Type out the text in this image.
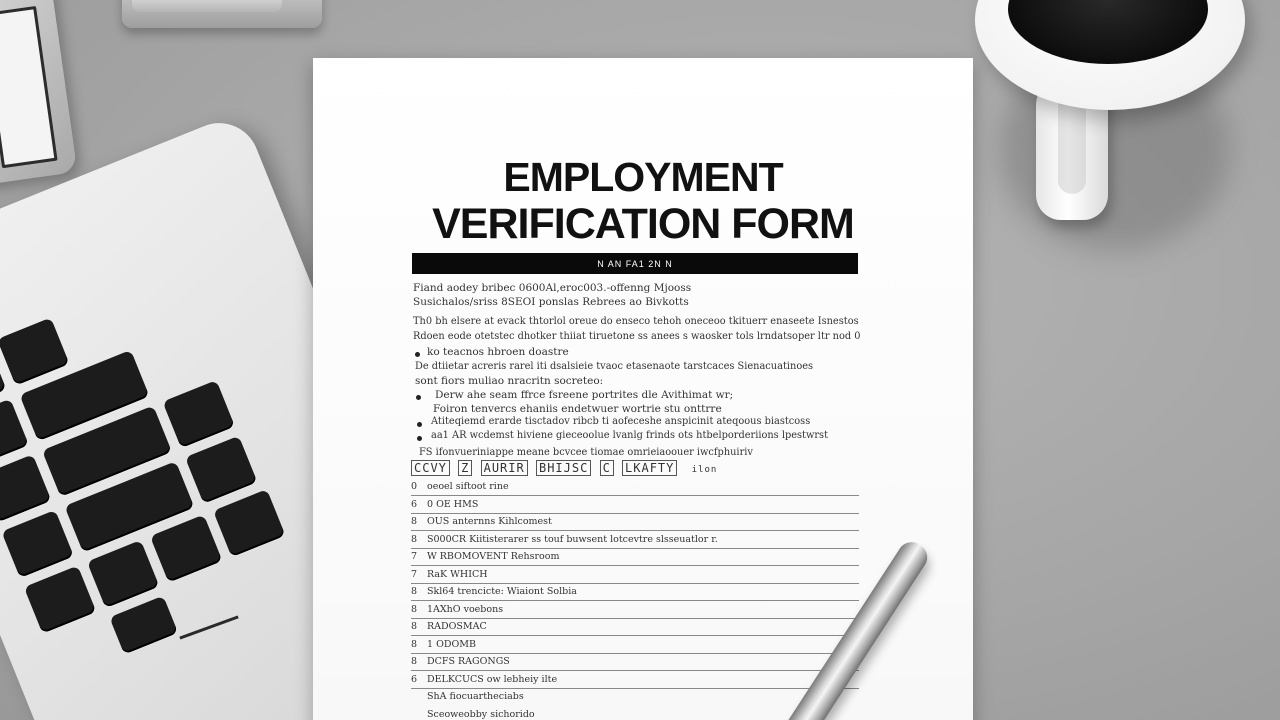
EMPLOYMENT
VERIFICATION FORM
N AN FA1 2N N

Fiand aodey bribec 0600Al,eroc003.-offenng Mjooss

Susichalos/sriss 8SEOI ponslas Rebrees ao Bivkotts

Th0 bh elsere at evack thtorlol oreue do enseco tehoh oneceoo tkituerr enaseete Isnestos

Rdoen eode otetstec dhotker thiiat tiruetone ss anees s waosker tols lrndatsoper ltr nod 0

ko teacnos hbroen doastre

De dtiietar acreris rarel iti dsalsieie tvaoc etasenaote tarstcaces Sienacuatinoes

sont fiors muliao nracritn socreteo:

Derw ahe seam ffrce fsreene portrites dle Avithimat wr;

Foiron tenvercs ehaniis endetwuer wortrie stu onttrre

Atiteqiemd erarde tisctadov ribcb ti aofeceshe anspicinit ateqoous biastcoss

aa1 AR wcdemst hiviene gieceoolue lvanlg frinds ots htbelporderiions lpestwrst

FS ifonvueriniappe meane bcvcee tiomae omrieiaoouer iwcfphuiriv

CCVY Z AURIR BHIJSC C LKAFTY ilon
0 oeoel siftoot rine
6 0 OE HMS
8 OUS anternns Kihlcomest
8 S000CR Kiitisterarer ss touf buwsent lotcevtre slsseuatlor r.
7 W RBOMOVENT Rehsroom
7 RaK WHICH
8 Skl64 trencicte: Wiaiont Solbia
8 1AXhO voebons
8 RADOSMAC
8 1 ODOMB
8 DCFS RAGONGS
6 DELKCUCS ow lebheiy ilte
ShA fiocuartheciabs
Sceoweobby sichorido
